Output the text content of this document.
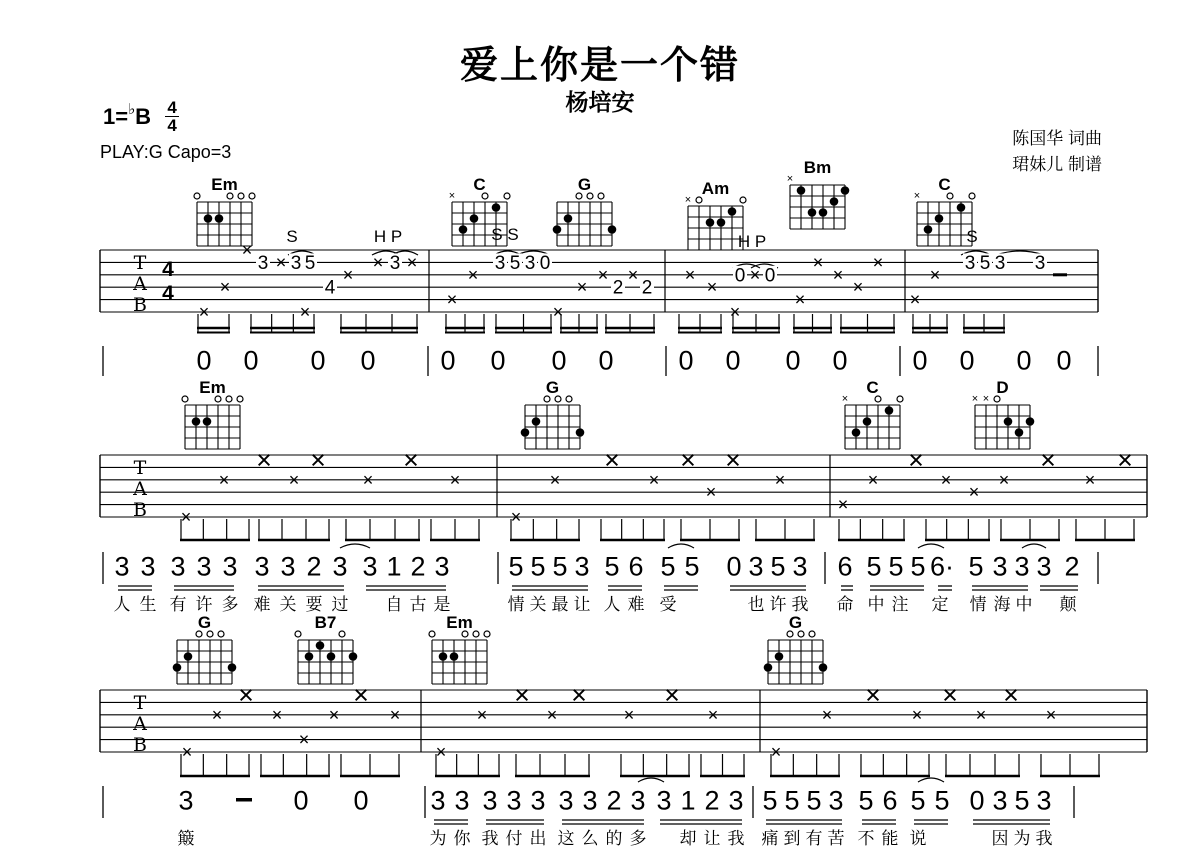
爱上你是一个错
杨培安
1= ♭ B $\frac{4}{4}$
PLAY:G Capo=3
陈国华 词曲
珺妹儿 制谱
T
A
B
4
4
Em	C
×
G	Am
×
Bm
×	C
×
S	H P	S S	H P	S
×
×
×
3 × 3 5
×
4
×
× 3 ×
×
×
3 5 3 0
×
×
×
2
×
2
×
×
×
0 × 0
×
×
×
×
×
×
×
3 5 3 3
T
A
B
Em	G	C
×
D
× ×
×
×
×
×
×
×
×
×
×
×
×
×
×
×
×
×
×
×
×
×
×
×
×
×
×
T
A
B
G	B7	Em	G
×
×
×
×
×
×
×
×
×
×
×
×
×
×
×
×
×
×
×
×
×
×
×
×
0 0 0 0 0 0 0 0 0 0 0 0 0 0 0 0
3 3 3 3 3 3 3 2 3 3 1 2 3 5 5 5 3 5 6 5 5 0 3 5 3 6 5 5 5 6· 5 3 3 3 2
人 生 有 许 多 难 关 要 过 自 古 是	情 关 最 让 人 难 受	也 许 我 命 中 注 定 情 海 中 颠
3	0 0 3 3 3 3 3 3 3 2 3 3 1 2 3 5 5 5 3 5 6 5 5 0 3 5 3
簸	为 你 我 付 出 这 么 的 多 却 让 我 痛 到 有 苦 不 能 说	因 为 我
